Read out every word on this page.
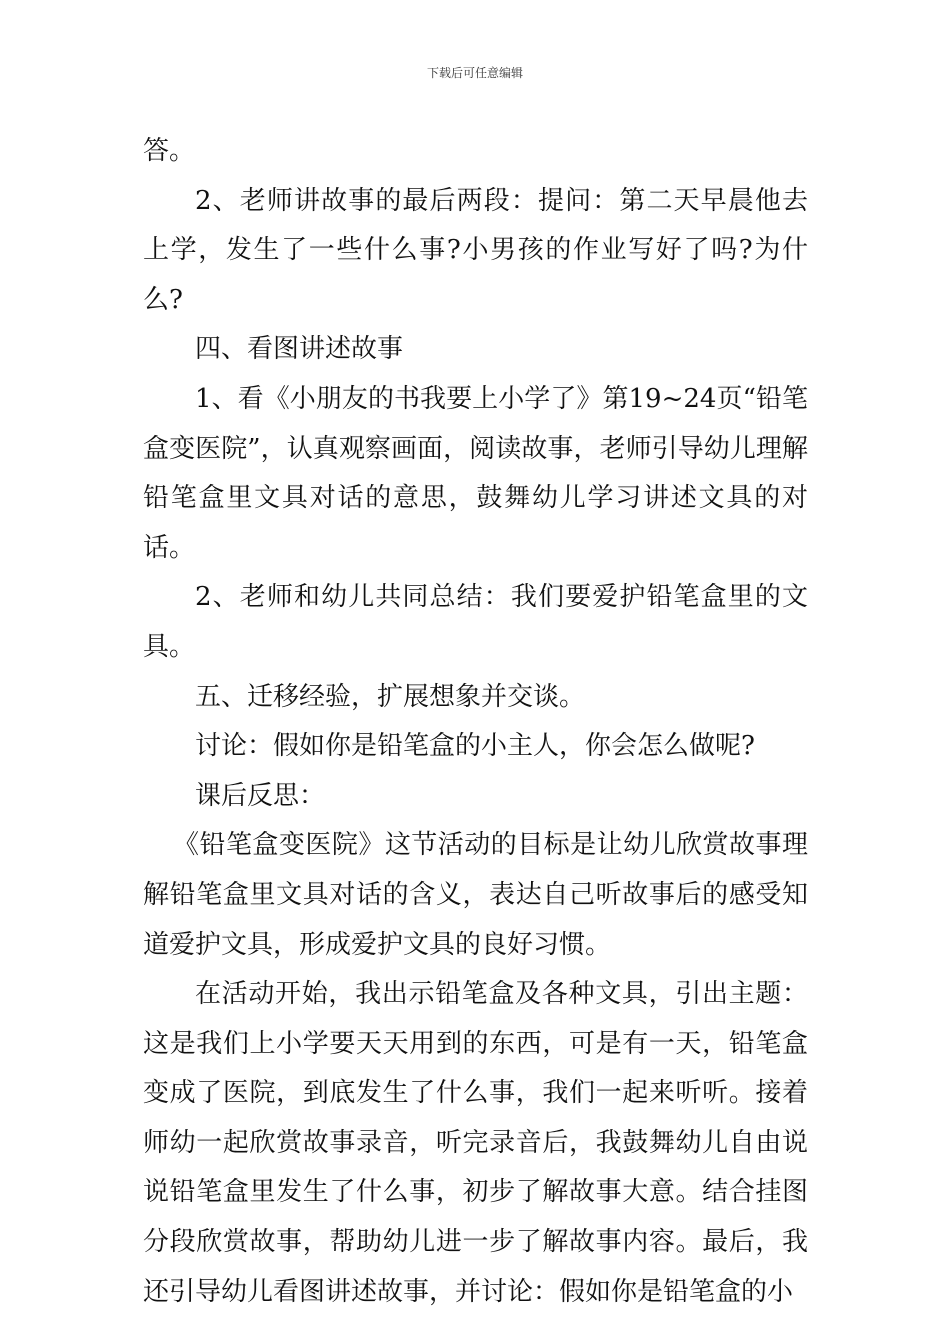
下载后可任意编辑

答。

2、老师讲故事的最后两段：提问：第二天早晨他去上学，发生了一些什么事?小男孩的作业写好了吗?为什么?

四、看图讲述故事

1、看《小朋友的书我要上小学了》第19~24页“铅笔盒变医院”，认真观察画面，阅读故事，老师引导幼儿理解铅笔盒里文具对话的意思，鼓舞幼儿学习讲述文具的对话。

2、老师和幼儿共同总结：我们要爱护铅笔盒里的文具。

五、迁移经验，扩展想象并交谈。

讨论：假如你是铅笔盒的小主人，你会怎么做呢?

课后反思：

《铅笔盒变医院》这节活动的目标是让幼儿欣赏故事理解铅笔盒里文具对话的含义，表达自己听故事后的感受知道爱护文具，形成爱护文具的良好习惯。

在活动开始，我出示铅笔盒及各种文具，引出主题：这是我们上小学要天天用到的东西，可是有一天，铅笔盒变成了医院，到底发生了什么事，我们一起来听听。接着师幼一起欣赏故事录音，听完录音后，我鼓舞幼儿自由说说铅笔盒里发生了什么事，初步了解故事大意。结合挂图分段欣赏故事，帮助幼儿进一步了解故事内容。最后，我还引导幼儿看图讲述故事，并讨论：假如你是铅笔盒的小
